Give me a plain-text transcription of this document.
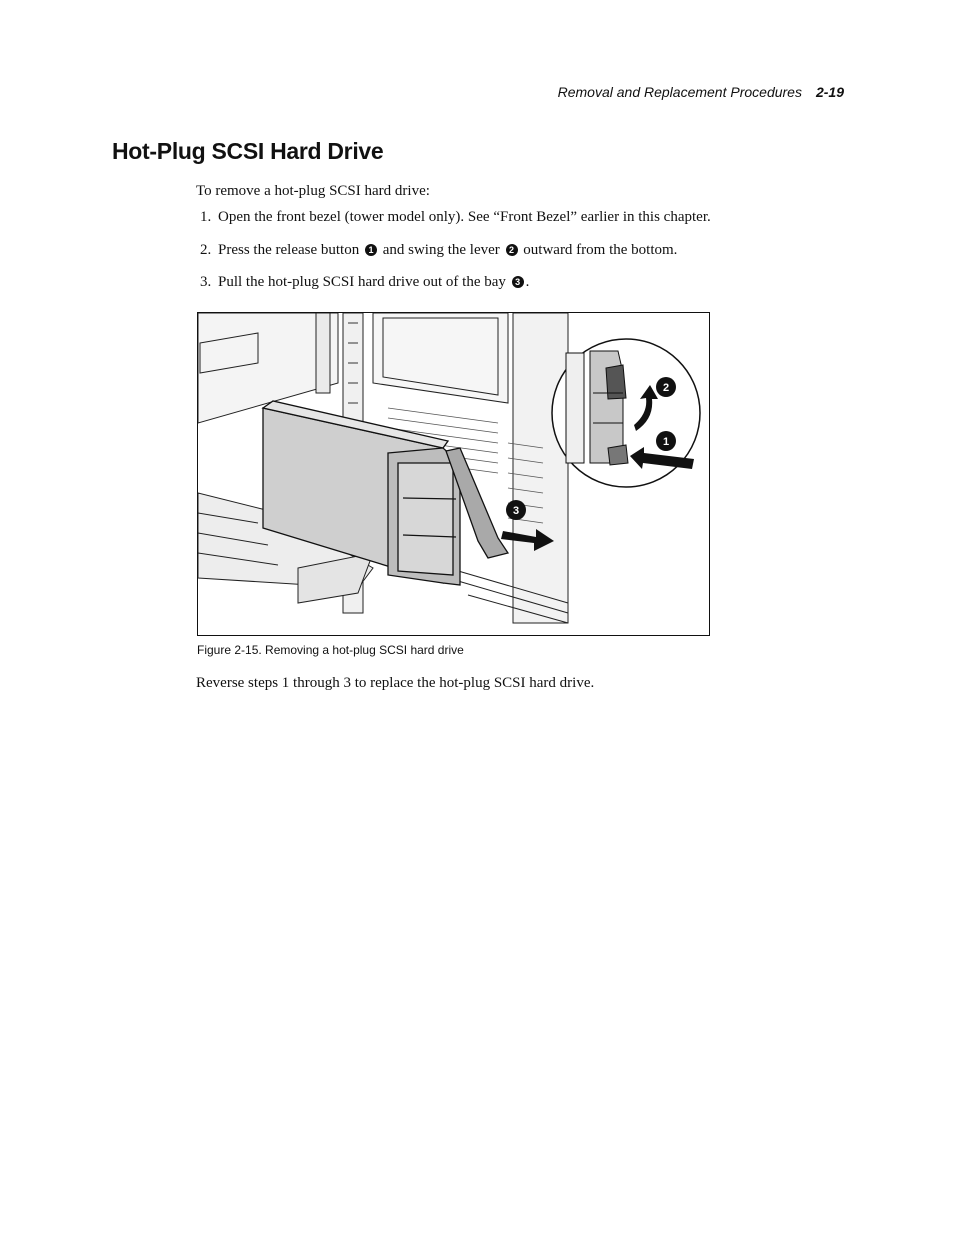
Removal and Replacement Procedures 2-19
Hot-Plug SCSI Hard Drive
To remove a hot-plug SCSI hard drive:
1. Open the front bezel (tower model only). See “Front Bezel” earlier in this chapter.
2. Press the release button 1 and swing the lever 2 outward from the bottom.
3. Pull the hot-plug SCSI hard drive out of the bay 3 .
3
2
1
Figure 2-15. Removing a hot-plug SCSI hard drive
Reverse steps 1 through 3 to replace the hot-plug SCSI hard drive.
